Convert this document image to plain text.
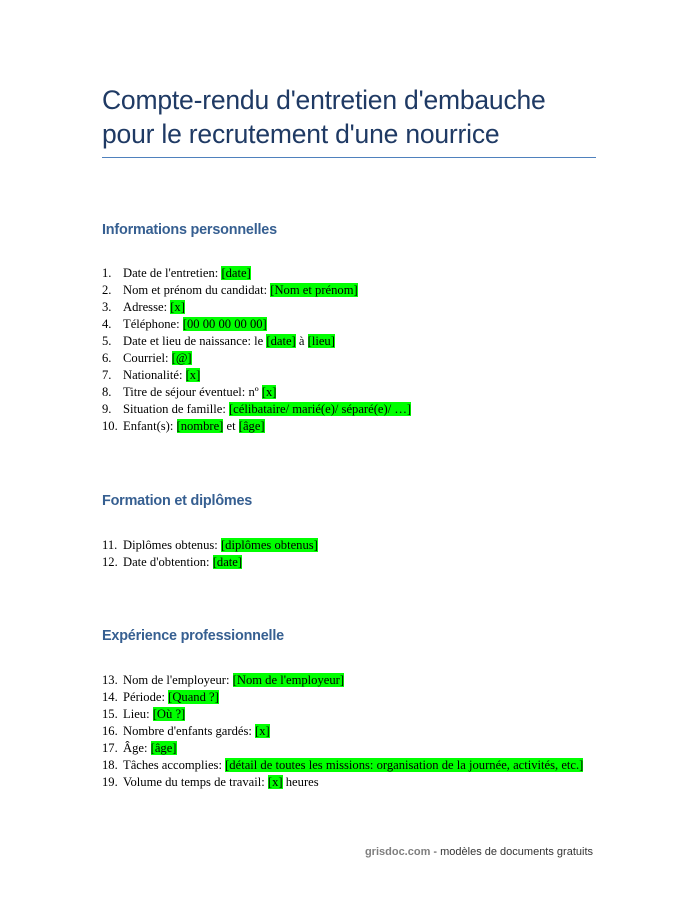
Compte-rendu d'entretien d'embauche
pour le recrutement d'une nourrice
Informations personnelles
1. Date de l'entretien: [date]
2. Nom et prénom du candidat: [Nom et prénom]
3. Adresse: [x]
4. Téléphone: [00 00 00 00 00]
5. Date et lieu de naissance: le [date] à [lieu]
6. Courriel: [@]
7. Nationalité: [x]
8. Titre de séjour éventuel: nº [x]
9. Situation de famille: [célibataire/ marié(e)/ séparé(e)/ …]
10. Enfant(s): [nombre] et [âge]
Formation et diplômes
11. Diplômes obtenus: [diplômes obtenus]
12. Date d'obtention: [date]
Expérience professionnelle
13. Nom de l'employeur: [Nom de l'employeur]
14. Période: [Quand ?]
15. Lieu: [Où ?]
16. Nombre d'enfants gardés: [x]
17. Âge: [âge]
18. Tâches accomplies: [détail de toutes les missions: organisation de la journée, activités, etc.]
19. Volume du temps de travail: [x] heures
grisdoc.com - modèles de documents gratuits
